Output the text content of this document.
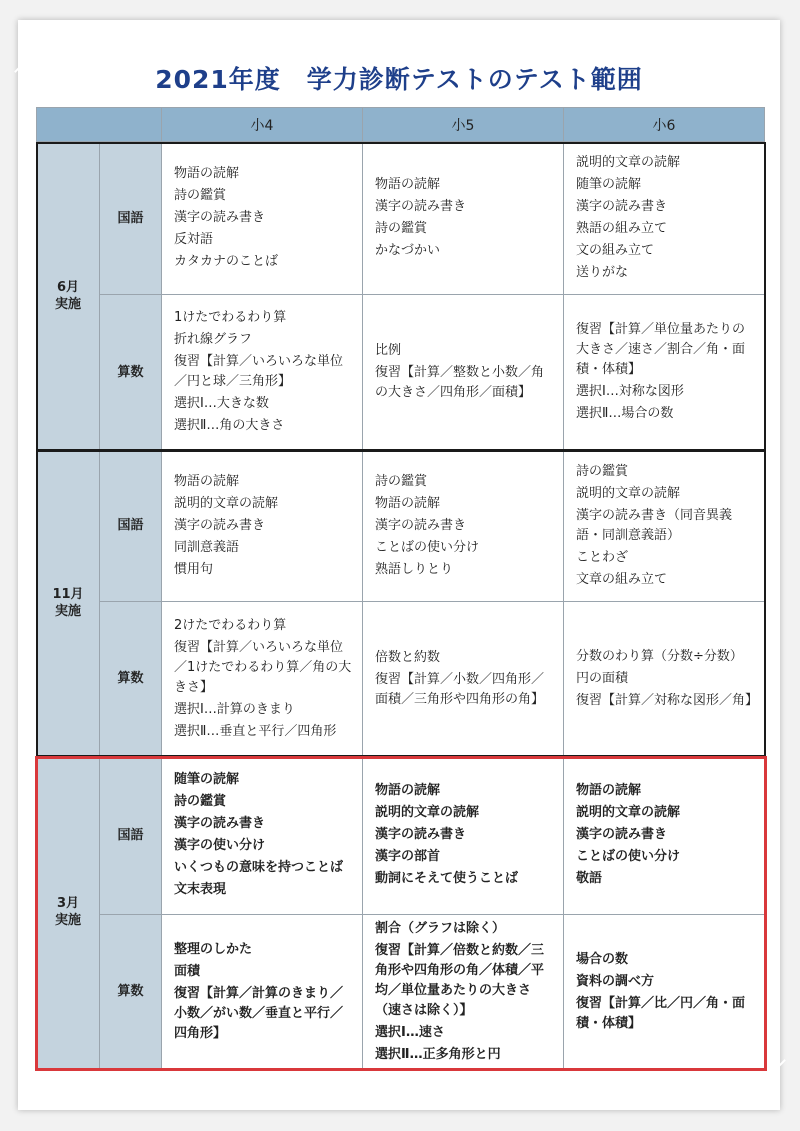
2021年度　学力診断テストのテスト範囲
小4	小5	小6
6月
実施
国語
物語の読解
詩の鑑賞
漢字の読み書き
反対語
カタカナのことば
物語の読解
漢字の読み書き
詩の鑑賞
かなづかい
説明的文章の読解
随筆の読解
漢字の読み書き
熟語の組み立て
文の組み立て
送りがな
算数
1けたでわるわり算
折れ線グラフ
復習【計算／いろいろな単位／円と球／三角形】
選択Ⅰ…大きな数
選択Ⅱ…角の大きさ
比例
復習【計算／整数と小数／角の大きさ／四角形／面積】
復習【計算／単位量あたりの大きさ／速さ／割合／角・面積・体積】
選択Ⅰ…対称な図形
選択Ⅱ…場合の数
11月
実施
国語
物語の読解
説明的文章の読解
漢字の読み書き
同訓意義語
慣用句
詩の鑑賞
物語の読解
漢字の読み書き
ことばの使い分け
熟語しりとり
詩の鑑賞
説明的文章の読解
漢字の読み書き（同音異義語・同訓意義語）
ことわざ
文章の組み立て
算数
2けたでわるわり算
復習【計算／いろいろな単位／1けたでわるわり算／角の大きさ】
選択Ⅰ…計算のきまり
選択Ⅱ…垂直と平行／四角形
倍数と約数
復習【計算／小数／四角形／面積／三角形や四角形の角】
分数のわり算（分数÷分数）
円の面積
復習【計算／対称な図形／角】
3月
実施
国語
随筆の読解
詩の鑑賞
漢字の読み書き
漢字の使い分け
いくつもの意味を持つことば
文末表現
物語の読解
説明的文章の読解
漢字の読み書き
漢字の部首
動詞にそえて使うことば
物語の読解
説明的文章の読解
漢字の読み書き
ことばの使い分け
敬語
算数
整理のしかた
面積
復習【計算／計算のきまり／小数／がい数／垂直と平行／四角形】
割合（グラフは除く）
復習【計算／倍数と約数／三角形や四角形の角／体積／平均／単位量あたりの大きさ（速さは除く）】
選択Ⅰ…速さ
選択Ⅱ…正多角形と円
場合の数
資料の調べ方
復習【計算／比／円／角・面積・体積】
